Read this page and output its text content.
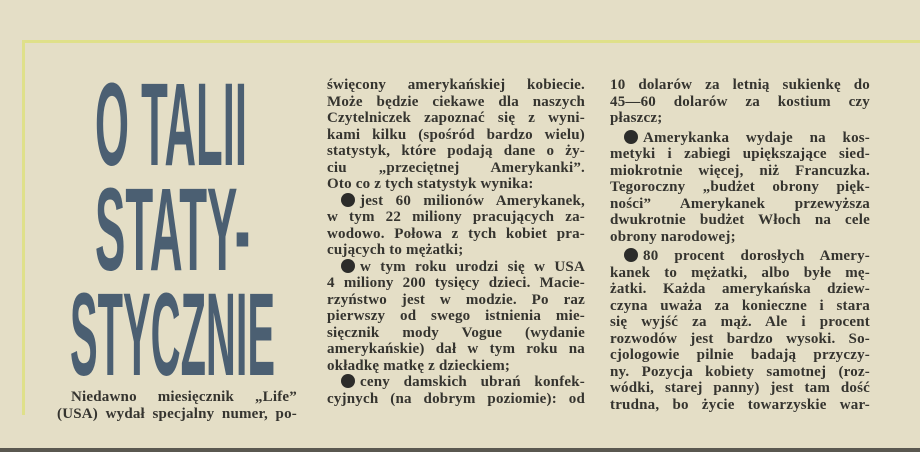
O TALII
STATY-
STYCZNIE
Niedawno miesięcznik „Life”
(USA) wydał specjalny numer, po-
święcony amerykańskiej kobiecie.
Może będzie ciekawe dla naszych
Czytelniczek zapoznać się z wyni-
kami kilku (spośród bardzo wielu)
statystyk, które podają dane o ży-
ciu „przeciętnej Amerykanki”.
Oto co z tych statystyk wynika:
jest 60 milionów Amerykanek,
w tym 22 miliony pracujących za-
wodowo. Połowa z tych kobiet pra-
cujących to mężatki;
w tym roku urodzi się w USA
4 miliony 200 tysięcy dzieci. Macie-
rzyństwo jest w modzie. Po raz
pierwszy od swego istnienia mie-
sięcznik mody Vogue (wydanie
amerykańskie) dał w tym roku na
okładkę matkę z dzieckiem;
ceny damskich ubrań konfek-
cyjnych (na dobrym poziomie): od
10 dolarów za letnią sukienkę do
45—60 dolarów za kostium czy
płaszcz;
Amerykanka wydaje na kos-
metyki i zabiegi upiększające sied-
miokrotnie więcej, niż Francuzka.
Tegoroczny „budżet obrony pięk-
ności” Amerykanek przewyższa
dwukrotnie budżet Włoch na cele
obrony narodowej;
80 procent dorosłych Amery-
kanek to mężatki, albo byłe mę-
żatki. Każda amerykańska dziew-
czyna uważa za konieczne i stara
się wyjść za mąż. Ale i procent
rozwodów jest bardzo wysoki. So-
cjologowie pilnie badają przyczy-
ny. Pozycja kobiety samotnej (roz-
wódki, starej panny) jest tam dość
trudna, bo życie towarzyskie war-
